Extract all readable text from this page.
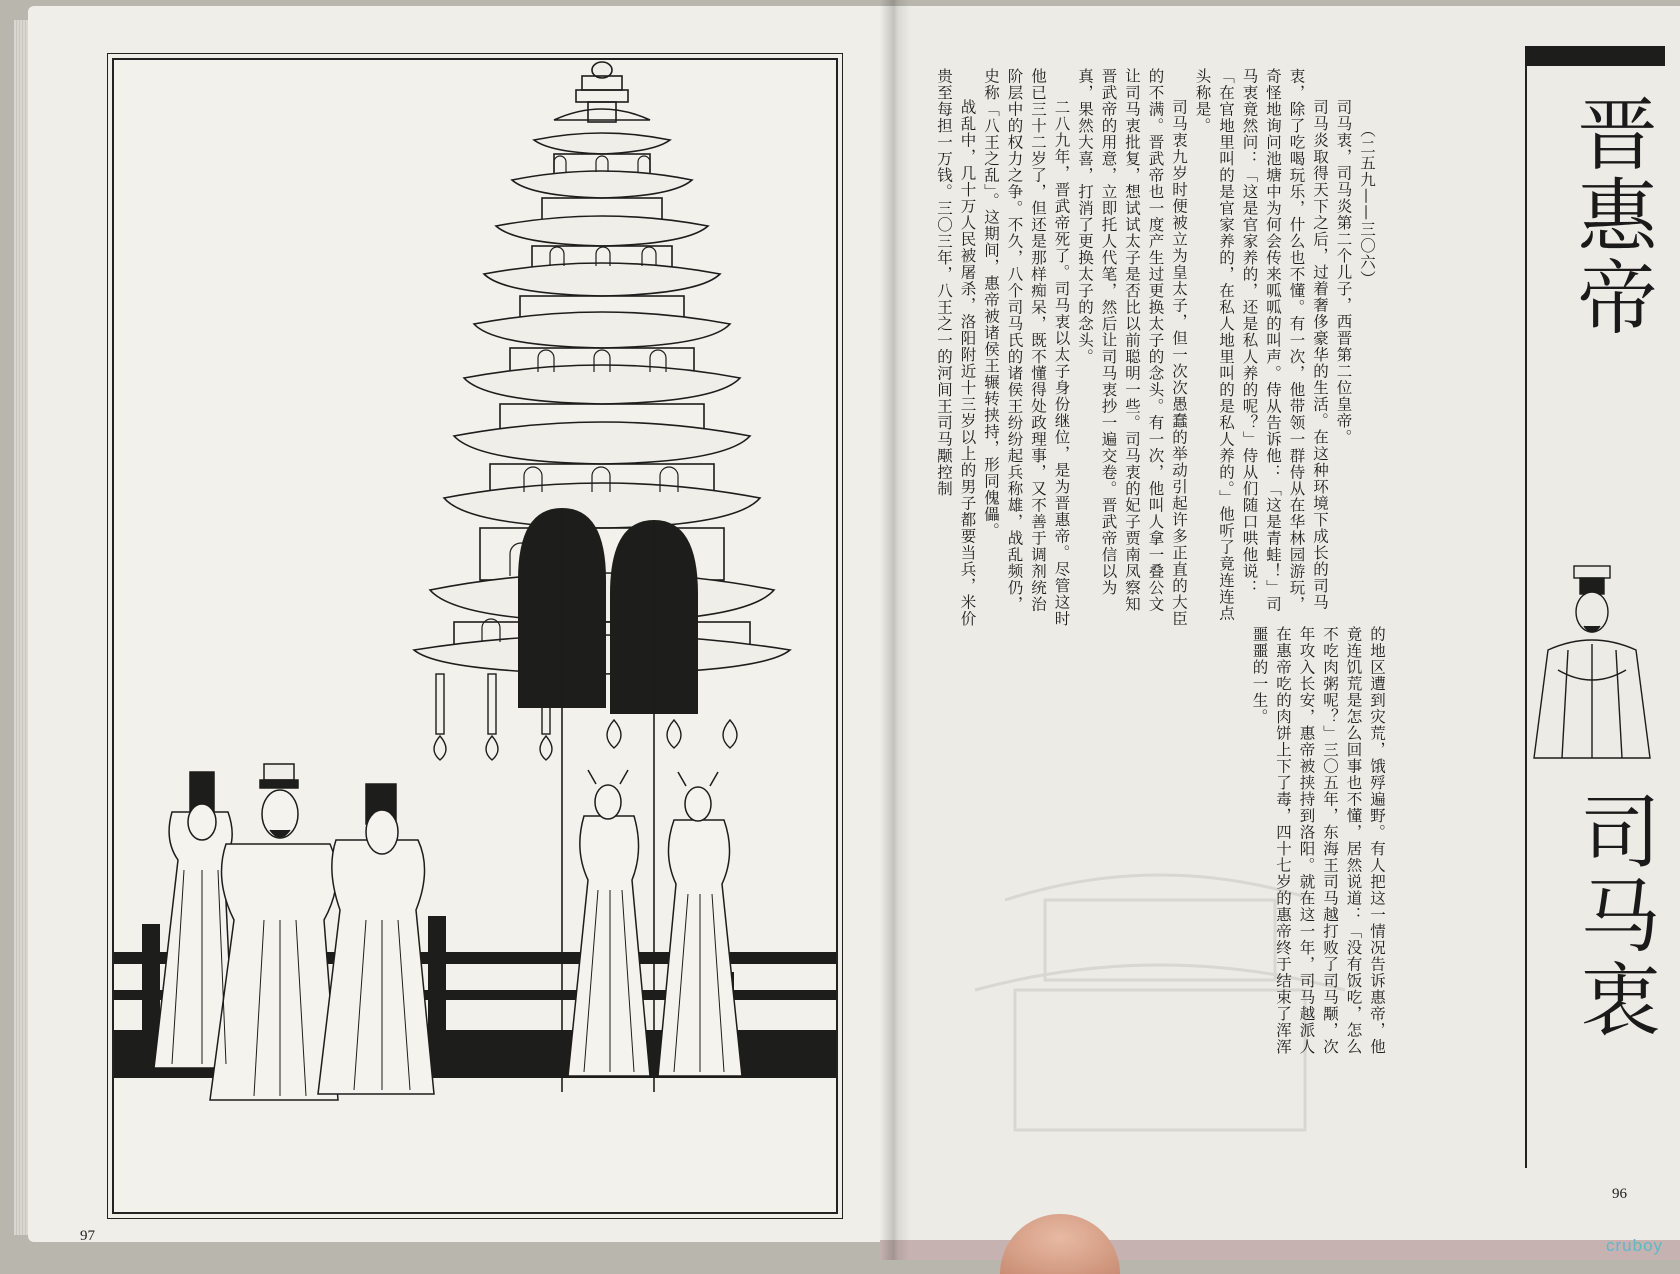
97

（二五九——三〇六）

司马衷，司马炎第二个儿子，西晋第二位皇帝。

司马炎取得天下之后，过着奢侈豪华的生活。在这种环境下成长的司马衷，除了吃喝玩乐，什么也不懂。有一次，他带领一群侍从在华林园游玩，奇怪地询问池塘中为何会传来呱呱的叫声。侍从告诉他：「这是青蛙！」司马衷竟然问：「这是官家养的，还是私人养的呢？」侍从们随口哄他说：「在官地里叫的是官家养的，在私人地里叫的是私人养的。」他听了竟连连点头称是。

司马衷九岁时便被立为皇太子，但一次次愚蠢的举动引起许多正直的大臣的不满。晋武帝也一度产生过更换太子的念头。有一次，他叫人拿一叠公文让司马衷批复，想试试太子是否比以前聪明一些。司马衷的妃子贾南凤察知晋武帝的用意，立即托人代笔，然后让司马衷抄一遍交卷。晋武帝信以为真，果然大喜，打消了更换太子的念头。

二八九年，晋武帝死了。司马衷以太子身份继位，是为晋惠帝。尽管这时他已三十二岁了，但还是那样痴呆，既不懂得处政理事，又不善于调剂统治阶层中的权力之争。不久，八个司马氏的诸侯王纷纷起兵称雄，战乱频仍，史称「八王之乱」。这期间，惠帝被诸侯王辗转挟持，形同傀儡。

战乱中，几十万人民被屠杀，洛阳附近十三岁以上的男子都要当兵，米价贵至每担一万钱。三〇三年，八王之一的河间王司马颙控制

的地区遭到灾荒，饿殍遍野。有人把这一情况告诉惠帝，他竟连饥荒是怎么回事也不懂，居然说道：「没有饭吃，怎么不吃肉粥呢？」三〇五年，东海王司马越打败了司马颙，次年攻入长安，惠帝被挟持到洛阳。就在这一年，司马越派人在惠帝吃的肉饼上下了毒，四十七岁的惠帝终于结束了浑浑噩噩的一生。

晋惠帝
司马衷
96
cruboy
